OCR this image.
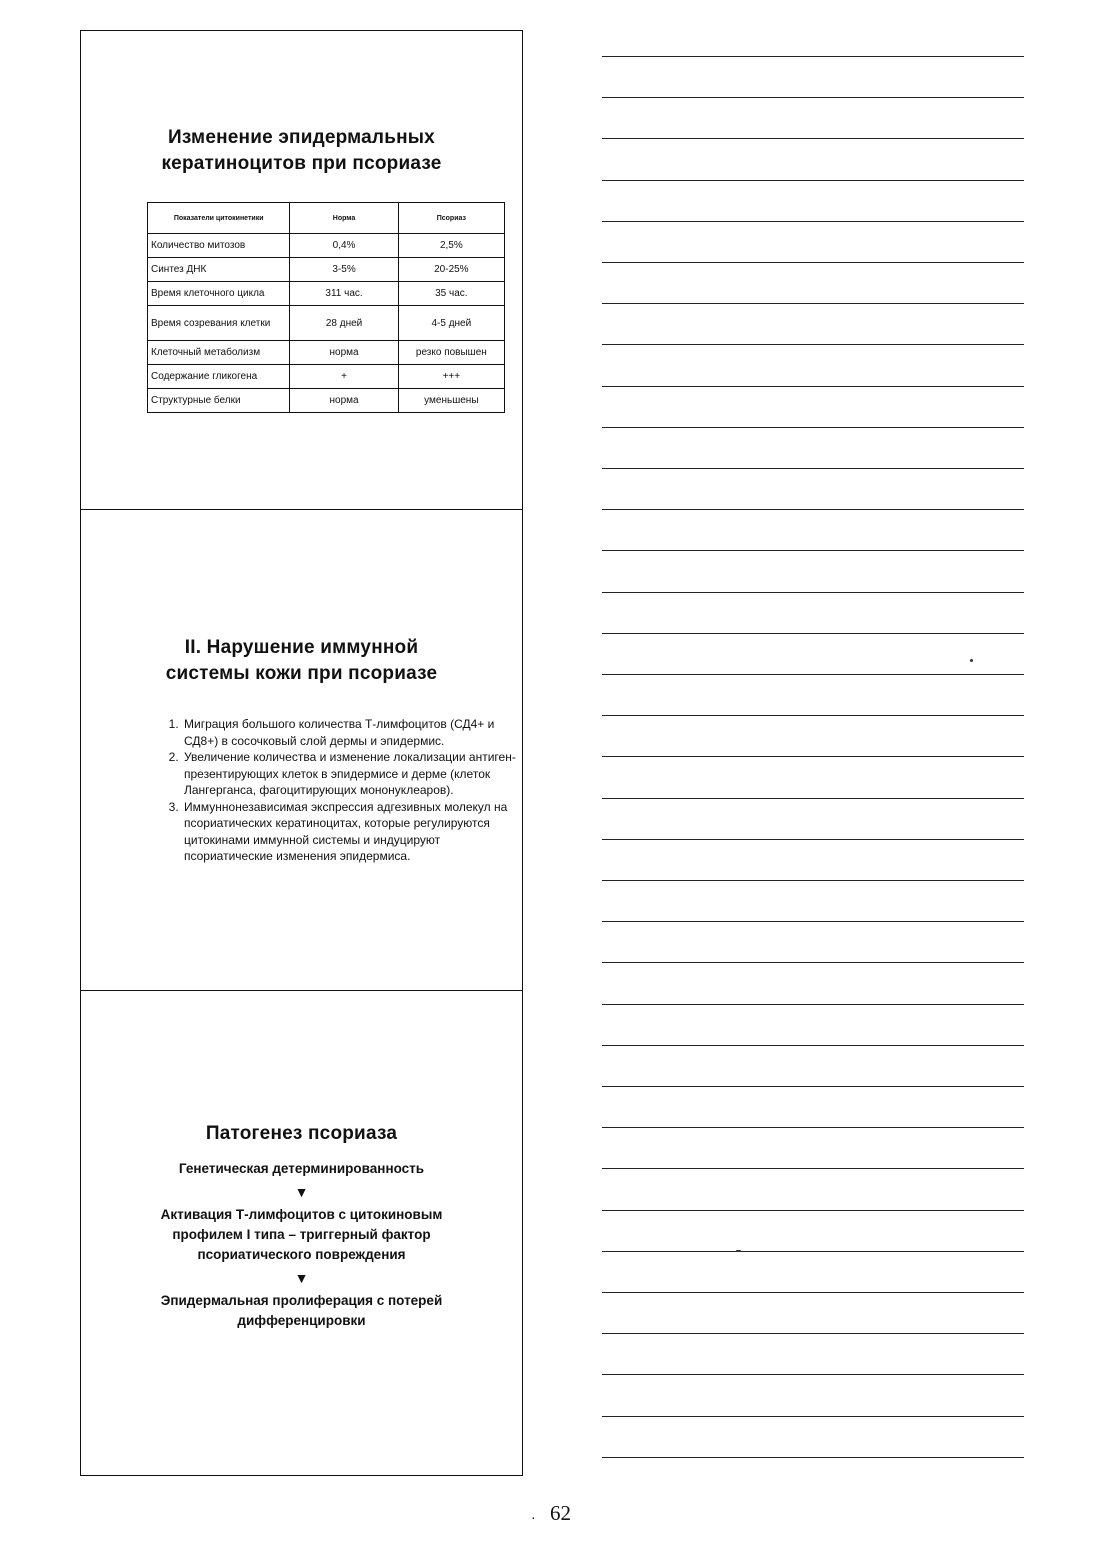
Изменение эпидермальных
кератиноцитов при псориазе
Показатели цитокинетики	Норма	Псориаз
Количество митозов	0,4%	2,5%
Синтез ДНК	3-5%	20-25%
Время клеточного цикла	311 час.	35 час.
Время созревания клетки	28 дней	4-5 дней
Клеточный метаболизм	норма	резко повышен
Содержание гликогена	+	+++
Структурные белки	норма	уменьшены
II. Нарушение иммунной
системы кожи при псориазе
1. Миграция большого количества Т-лимфоцитов (СД4+ и СД8+) в сосочковый слой дермы и эпидермис.
2. Увеличение количества и изменение локализации антиген-презентирующих клеток в эпидермисе и дерме (клеток Лангерганса, фагоцитирующих мононуклеаров).
3. Иммуннонезависимая экспрессия адгезивных молекул на псориатических кератиноцитах, которые регулируются цитокинами иммунной системы и индуцируют псориатические изменения эпидермиса.
Патогенез псориаза
Генетическая детерминированность
▼
Активация Т-лимфоцитов с цитокиновым
профилем I типа – триггерный фактор
псориатического повреждения
▼
Эпидермальная пролиферация с потерей
дифференцировки
· 62
